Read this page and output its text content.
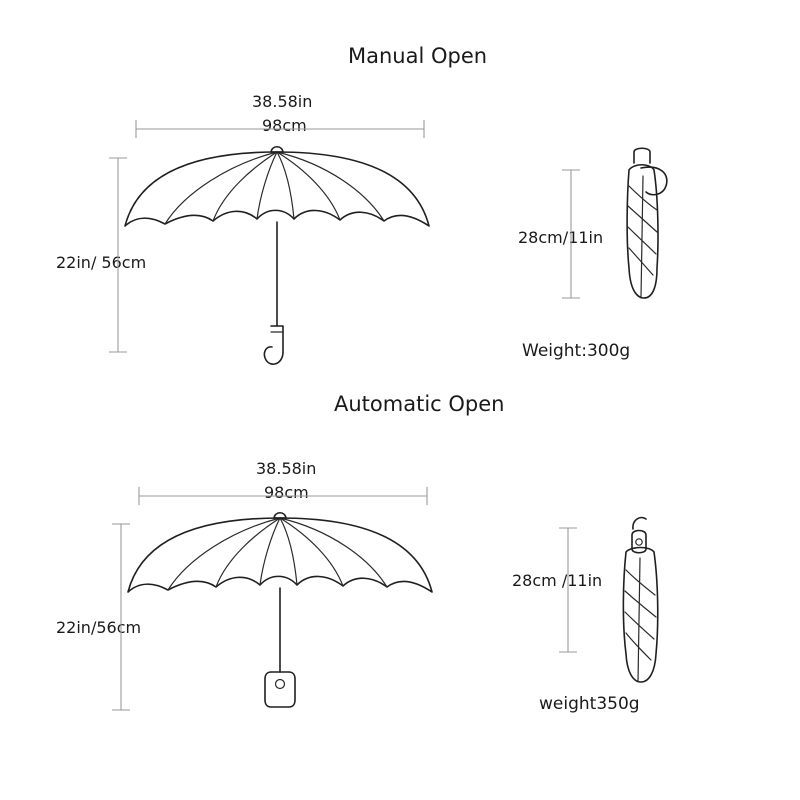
Manual Open
38.58in
98cm
22in/ 56cm
28cm/11in
Weight:300g
Automatic Open
38.58in
98cm
22in/56cm
28cm /11in
weight350g
